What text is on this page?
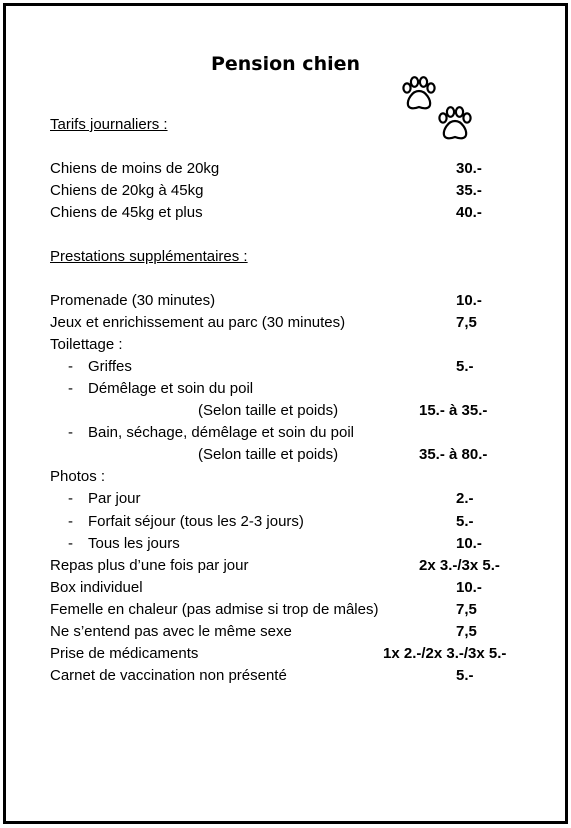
Pension chien
Tarifs journaliers :
Chiens de moins de 20kg	30.-
Chiens de 20kg à 45kg	35.-
Chiens de 45kg et plus	40.-
Prestations supplémentaires :
Promenade (30 minutes)	10.-
Jeux et enrichissement au parc (30 minutes)	7,5
Toilettage :
- Griffes	5.-
- Démêlage et soin du poil
(Selon taille et poids)	15.- à 35.-
- Bain, séchage, démêlage et soin du poil
(Selon taille et poids)	35.- à 80.-
Photos :
- Par jour	2.-
- Forfait séjour (tous les 2-3 jours)	5.-
- Tous les jours	10.-
Repas plus d’une fois par jour	2x 3.-/3x 5.-
Box individuel	10.-
Femelle en chaleur (pas admise si trop de mâles)	7,5
Ne s’entend pas avec le même sexe	7,5
Prise de médicaments	1x 2.-/2x 3.-/3x 5.-
Carnet de vaccination non présenté	5.-
